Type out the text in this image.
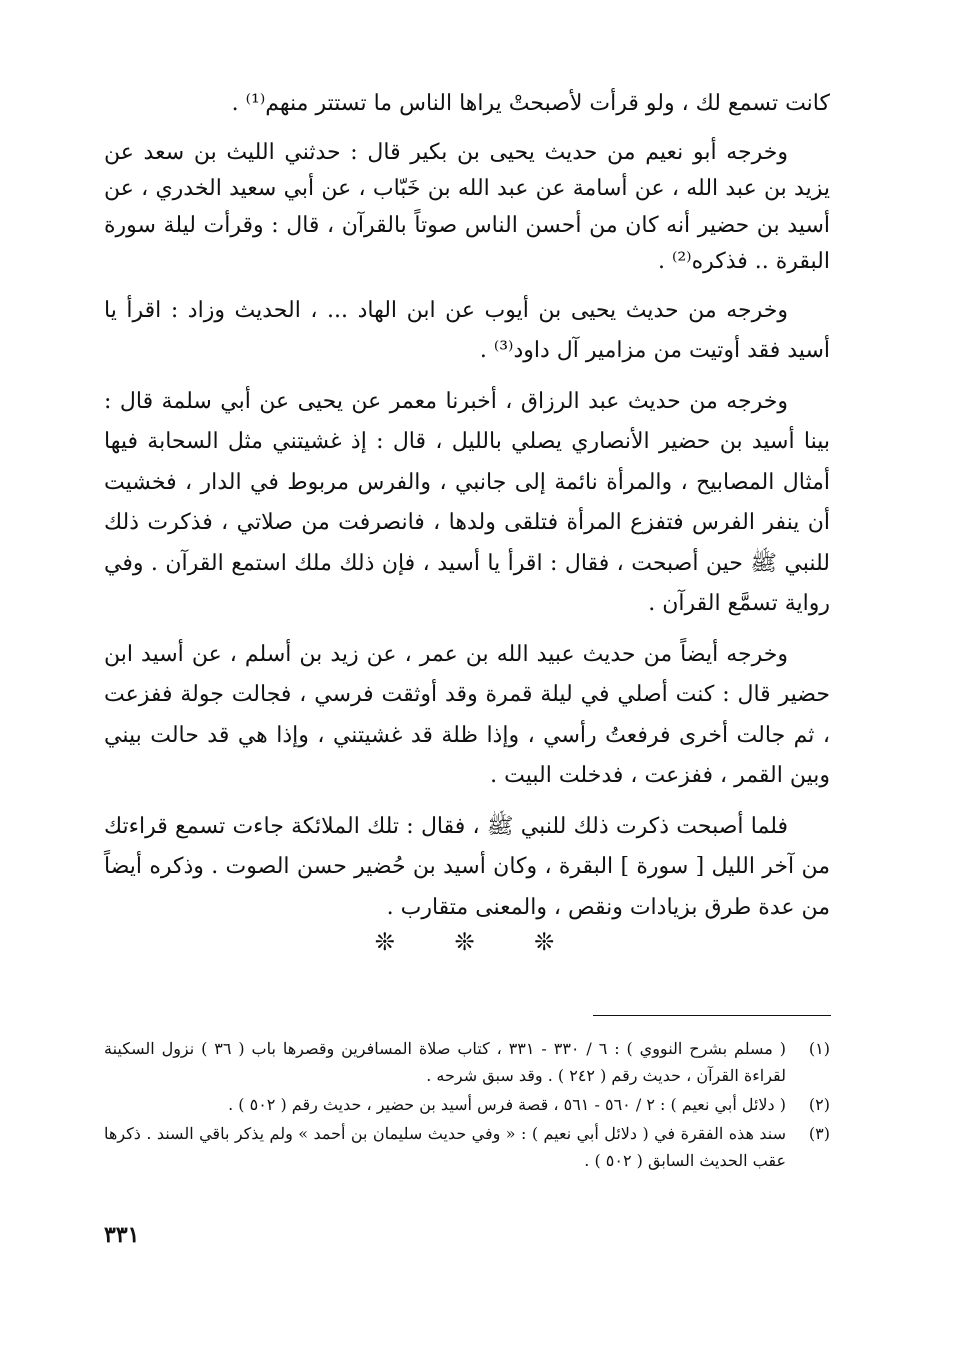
كانت تسمع لك ، ولو قرأت لأصبحتْ يراها الناس ما تستتر منهم⁽¹⁾ .

وخرجه أبو نعيم من حديث يحيى بن بكير قال : حدثني الليث بن سعد عن يزيد بن عبد الله ، عن أسامة عن عبد الله بن خَبّاب ، عن أبي سعيد الخدري ، عن أسيد بن حضير أنه كان من أحسن الناس صوتاً بالقرآن ، قال : وقرأت ليلة سورة البقرة .. فذكره⁽²⁾ .

وخرجه من حديث يحيى بن أيوب عن ابن الهاد ... ، الحديث وزاد : اقرأ يا أسيد فقد أوتيت من مزامير آل داود⁽³⁾ .

وخرجه من حديث عبد الرزاق ، أخبرنا معمر عن يحيى عن أبي سلمة قال : بينا أسيد بن حضير الأنصاري يصلي بالليل ، قال : إذ غشيتني مثل السحابة فيها أمثال المصابيح ، والمرأة نائمة إلى جانبي ، والفرس مربوط في الدار ، فخشيت أن ينفر الفرس فتفزع المرأة فتلقى ولدها ، فانصرفت من صلاتي ، فذكرت ذلك للنبي ﷺ حين أصبحت ، فقال : اقرأ يا أسيد ، فإن ذلك ملك استمع القرآن . وفي رواية تسمَّع القرآن .

وخرجه أيضاً من حديث عبيد الله بن عمر ، عن زيد بن أسلم ، عن أسيد ابن حضير قال : كنت أصلي في ليلة قمرة وقد أوثقت فرسي ، فجالت جولة ففزعت ، ثم جالت أخرى فرفعتُ رأسي ، وإذا ظلة قد غشيتني ، وإذا هي قد حالت بيني وبين القمر ، ففزعت ، فدخلت البيت .

فلما أصبحت ذكرت ذلك للنبي ﷺ ، فقال : تلك الملائكة جاءت تسمع قراءتك من آخر الليل [ سورة ] البقرة ، وكان أسيد بن حُضير حسن الصوت . وذكره أيضاً من عدة طرق بزيادات ونقص ، والمعنى متقارب .

❊ ❊ ❊
(١)
( مسلم بشرح النووي ) : ٦ / ٣٣٠ - ٣٣١ ، كتاب صلاة المسافرين وقصرها باب ( ٣٦ ) نزول السكينة لقراءة القرآن ، حديث رقم ( ٢٤٢ ) . وقد سبق شرحه .
(٢)
( دلائل أبي نعيم ) : ٢ / ٥٦٠ - ٥٦١ ، قصة فرس أسيد بن حضير ، حديث رقم ( ٥٠٢ ) .
(٣)
سند هذه الفقرة في ( دلائل أبي نعيم ) : « وفي حديث سليمان بن أحمد » ولم يذكر باقي السند . ذكرها عقب الحديث السابق ( ٥٠٢ ) .
٣٣١
